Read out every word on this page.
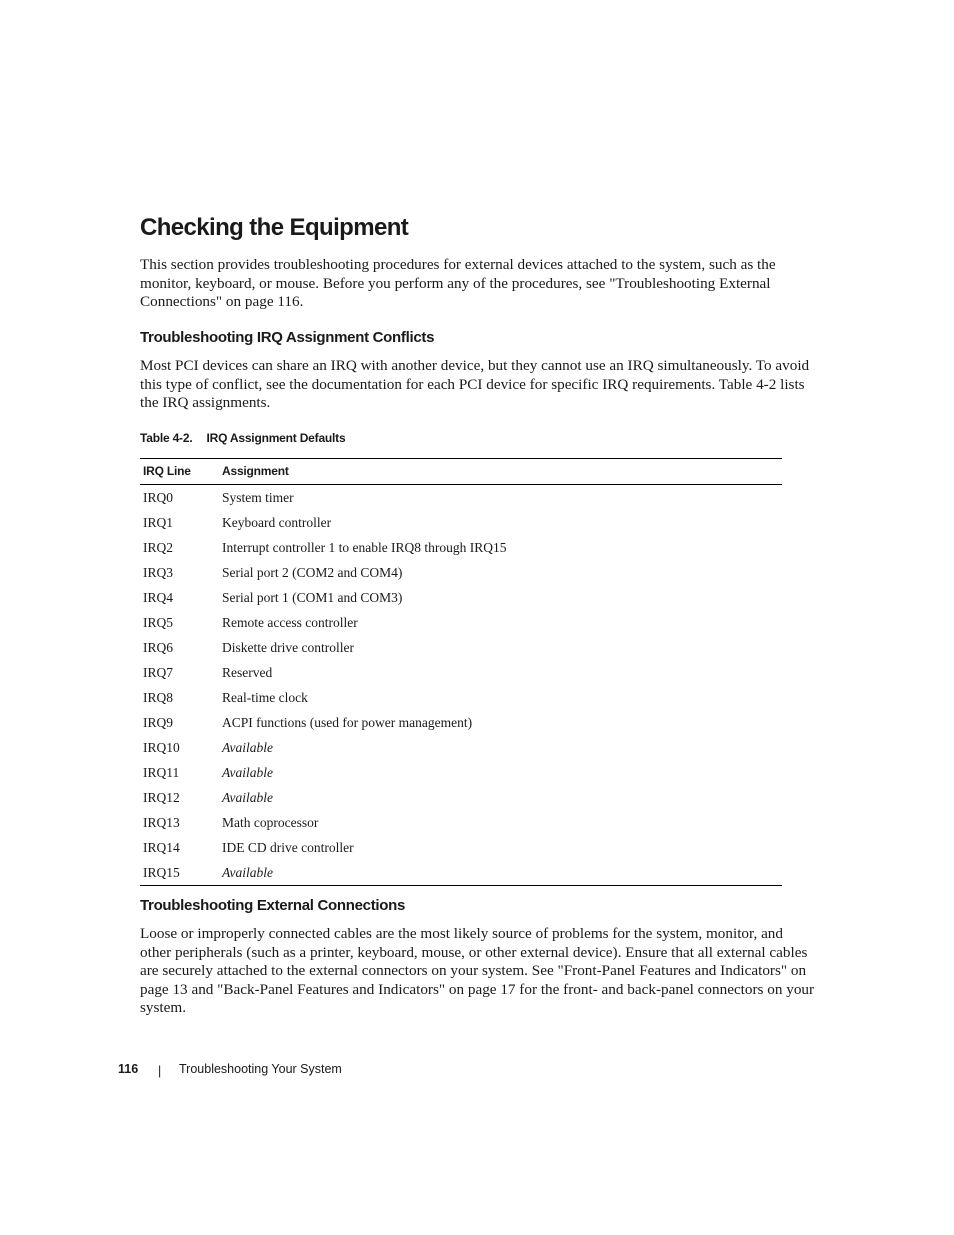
Checking the Equipment

This section provides troubleshooting procedures for external devices attached to the system, such as the monitor, keyboard, or mouse. Before you perform any of the procedures, see "Troubleshooting External Connections" on page 116.

Troubleshooting IRQ Assignment Conflicts

Most PCI devices can share an IRQ with another device, but they cannot use an IRQ simultaneously. To avoid this type of conflict, see the documentation for each PCI device for specific IRQ requirements. Table 4-2 lists the IRQ assignments.

Table 4-2. IRQ Assignment Defaults
IRQ Line	Assignment
IRQ0	System timer
IRQ1	Keyboard controller
IRQ2	Interrupt controller 1 to enable IRQ8 through IRQ15
IRQ3	Serial port 2 (COM2 and COM4)
IRQ4	Serial port 1 (COM1 and COM3)
IRQ5	Remote access controller
IRQ6	Diskette drive controller
IRQ7	Reserved
IRQ8	Real-time clock
IRQ9	ACPI functions (used for power management)
IRQ10	Available
IRQ11	Available
IRQ12	Available
IRQ13	Math coprocessor
IRQ14	IDE CD drive controller
IRQ15	Available
Troubleshooting External Connections

Loose or improperly connected cables are the most likely source of problems for the system, monitor, and other peripherals (such as a printer, keyboard, mouse, or other external device). Ensure that all external cables are securely attached to the external connectors on your system. See "Front-Panel Features and Indicators" on page 13 and "Back-Panel Features and Indicators" on page 17 for the front- and back-panel connectors on your system.

116 | Troubleshooting Your System
